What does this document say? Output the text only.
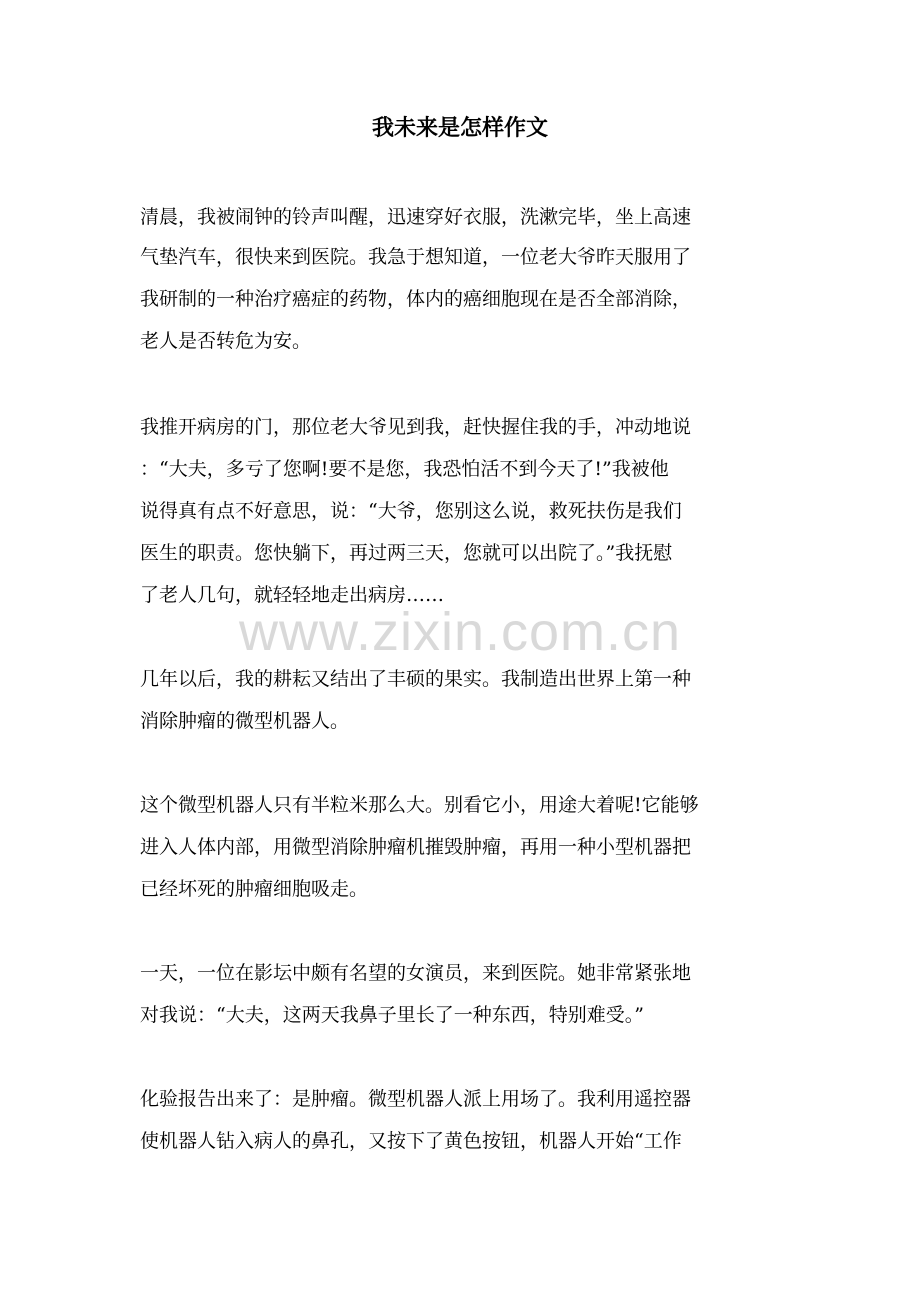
我未来是怎样作文
www.zixin.com.cn
清晨，我被闹钟的铃声叫醒，迅速穿好衣服，洗漱完毕，坐上高速
气垫汽车，很快来到医院。我急于想知道，一位老大爷昨天服用了
我研制的一种治疗癌症的药物，体内的癌细胞现在是否全部消除，
老人是否转危为安。
我推开病房的门，那位老大爷见到我，赶快握住我的手，冲动地说
：“大夫，多亏了您啊!要不是您，我恐怕活不到今天了!”我被他
说得真有点不好意思，说：“大爷，您别这么说，救死扶伤是我们
医生的职责。您快躺下，再过两三天，您就可以出院了。”我抚慰
了老人几句，就轻轻地走出病房……
几年以后，我的耕耘又结出了丰硕的果实。我制造出世界上第一种
消除肿瘤的微型机器人。
这个微型机器人只有半粒米那么大。别看它小，用途大着呢!它能够
进入人体内部，用微型消除肿瘤机摧毁肿瘤，再用一种小型机器把
已经坏死的肿瘤细胞吸走。
一天，一位在影坛中颇有名望的女演员，来到医院。她非常紧张地
对我说：“大夫，这两天我鼻子里长了一种东西，特别难受。”
化验报告出来了：是肿瘤。微型机器人派上用场了。我利用遥控器
使机器人钻入病人的鼻孔，又按下了黄色按钮，机器人开始“工作
